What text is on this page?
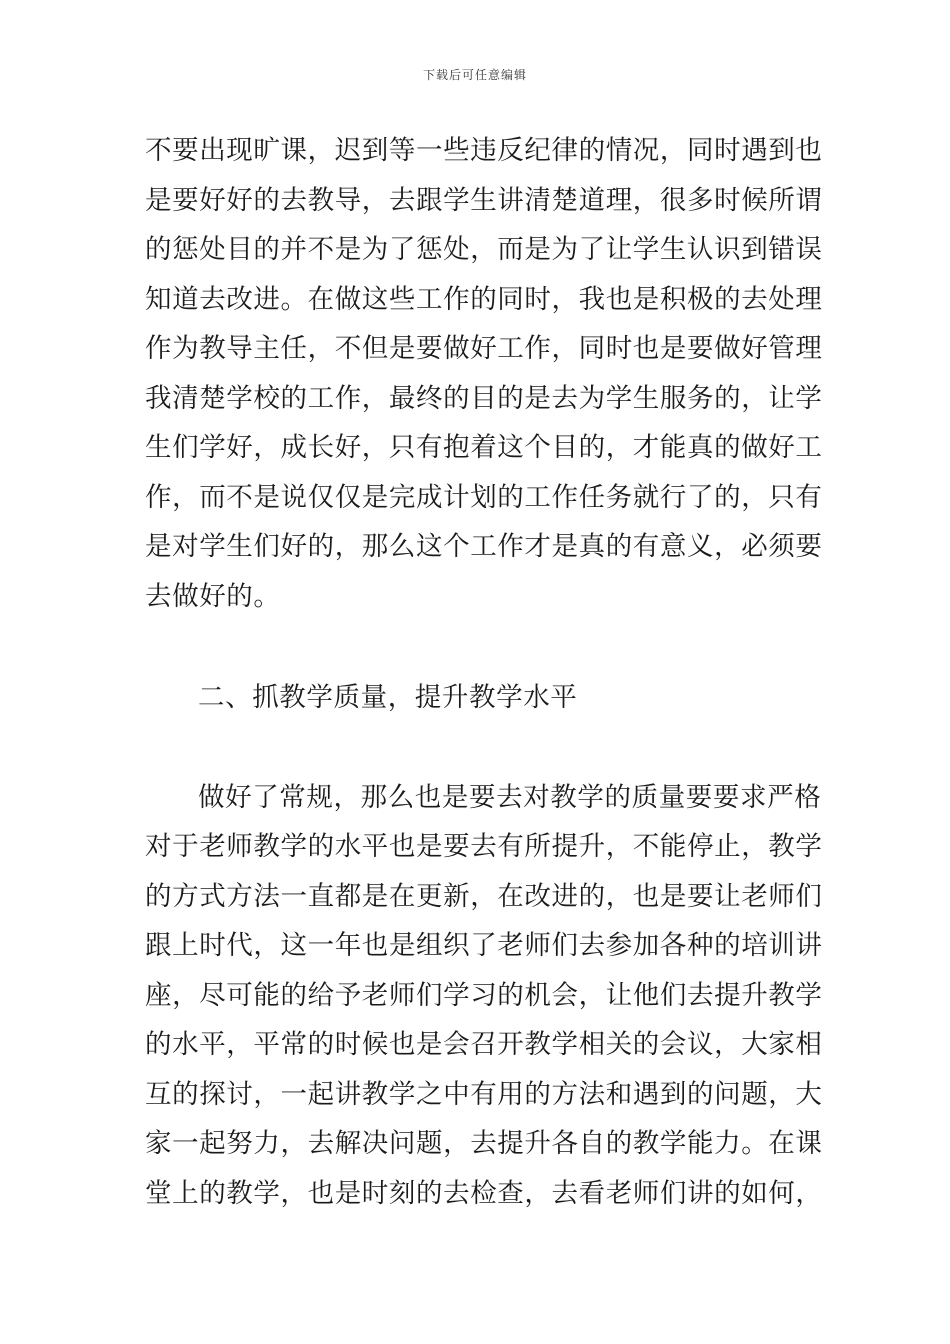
下载后可任意编辑
不要出现旷课，迟到等一些违反纪律的情况，同时遇到也
是要好好的去教导，去跟学生讲清楚道理，很多时候所谓
的惩处目的并不是为了惩处，而是为了让学生认识到错误
知道去改进。在做这些工作的同时，我也是积极的去处理
作为教导主任，不但是要做好工作，同时也是要做好管理
我清楚学校的工作，最终的目的是去为学生服务的，让学
生们学好，成长好，只有抱着这个目的，才能真的做好工
作，而不是说仅仅是完成计划的工作任务就行了的，只有
是对学生们好的，那么这个工作才是真的有意义，必须要
去做好的。
二、抓教学质量，提升教学水平
做好了常规，那么也是要去对教学的质量要要求严格
对于老师教学的水平也是要去有所提升，不能停止，教学
的方式方法一直都是在更新，在改进的，也是要让老师们
跟上时代，这一年也是组织了老师们去参加各种的培训讲
座，尽可能的给予老师们学习的机会，让他们去提升教学
的水平，平常的时候也是会召开教学相关的会议，大家相
互的探讨，一起讲教学之中有用的方法和遇到的问题，大
家一起努力，去解决问题，去提升各自的教学能力。在课
堂上的教学，也是时刻的去检查，去看老师们讲的如何，
